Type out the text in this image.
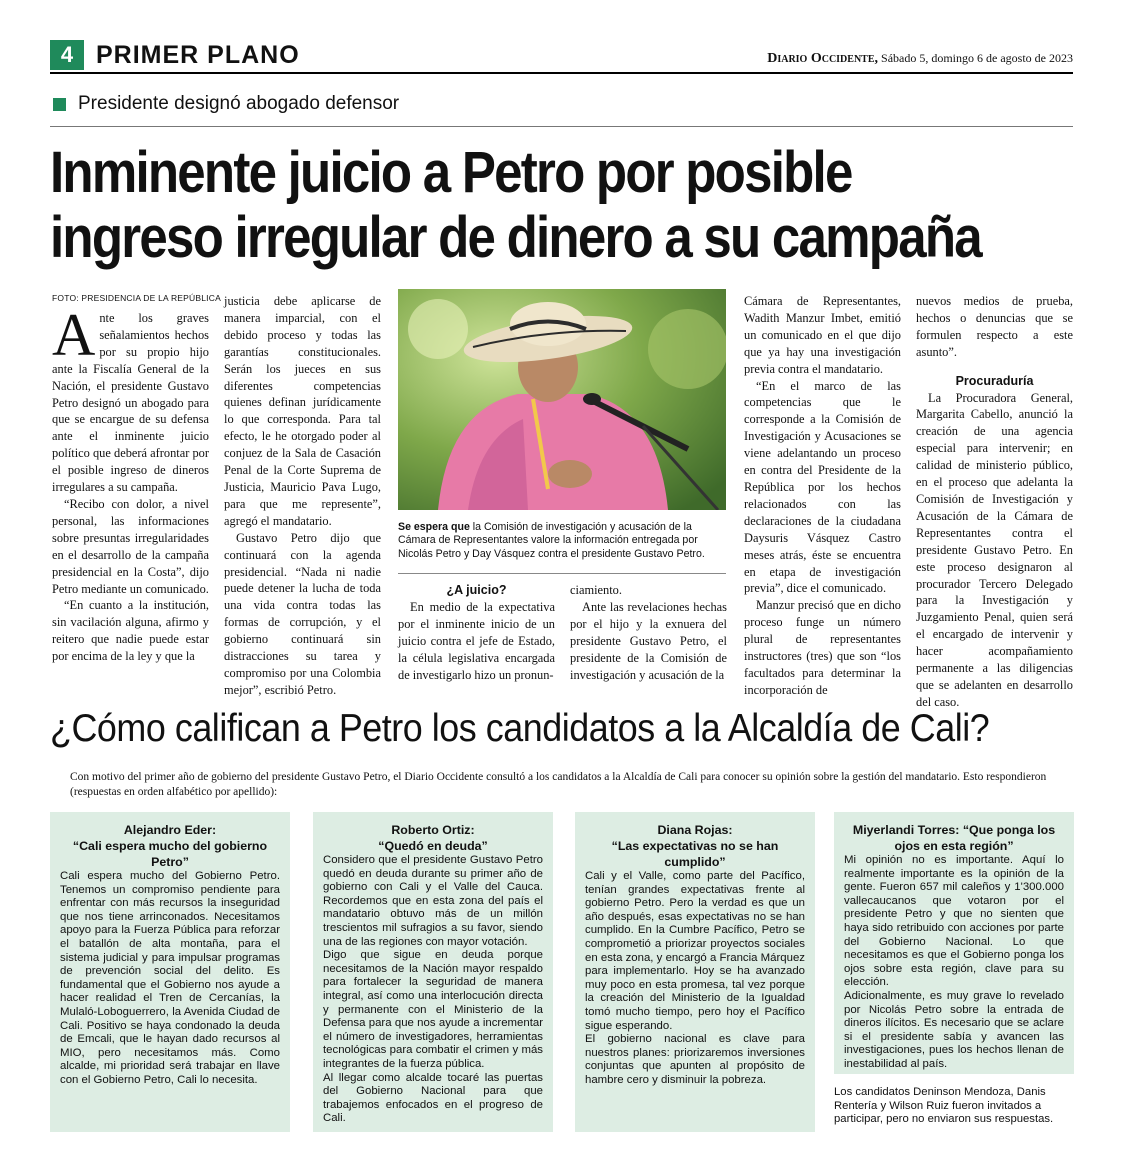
4 PRIMER PLANO	Diario Occidente, Sábado 5, domingo 6 de agosto de 2023
Presidente designó abogado defensor
Inminente juicio a Petro por posible
ingreso irregular de dinero a su campaña
FOTO: PRESIDENCIA DE LA REPÚBLICA

Ante los graves señalamientos hechos por su propio hijo ante la Fiscalía General de la Nación, el presidente Gustavo Petro designó un abogado para que se encargue de su defensa ante el inminente juicio político que deberá afrontar por el posible ingreso de dineros irregulares a su campaña.

“Recibo con dolor, a nivel personal, las informaciones sobre presuntas irregularidades en el desarrollo de la campaña presidencial en la Costa”, dijo Petro mediante un comunicado.

“En cuanto a la institución, sin vacilación alguna, afirmo y reitero que nadie puede estar por encima de la ley y que la

justicia debe aplicarse de manera imparcial, con el debido proceso y todas las garantías constitucionales. Serán los jueces en sus diferentes competencias quienes definan jurídicamente lo que corresponda. Para tal efecto, le he otorgado poder al conjuez de la Sala de Casación Penal de la Corte Suprema de Justicia, Mauricio Pava Lugo, para que me represente”, agregó el mandatario.

Gustavo Petro dijo que continuará con la agenda presidencial. “Nada ni nadie puede detener la lucha de toda una vida contra todas las formas de corrupción, y el gobierno continuará sin distracciones su tarea y compromiso por una Colombia mejor”, escribió Petro.

Se espera que la Comisión de investigación y acusación de la Cámara de Representantes valore la información entregada por Nicolás Petro y Day Vásquez contra el presidente Gustavo Petro.

¿A juicio?

En medio de la expectativa por el inminente inicio de un juicio contra el jefe de Estado, la célula legislativa encargada de investigarlo hizo un pronun-

ciamiento.

Ante las revelaciones hechas por el hijo y la exnuera del presidente Gustavo Petro, el presidente de la Comisión de investigación y acusación de la

Cámara de Representantes, Wadith Manzur Imbet, emitió un comunicado en el que dijo que ya hay una investigación previa contra el mandatario.

“En el marco de las competencias que le corresponde a la Comisión de Investigación y Acusaciones se viene adelantando un proceso en contra del Presidente de la República por los hechos relacionados con las declaraciones de la ciudadana Daysuris Vásquez Castro meses atrás, éste se encuentra en etapa de investigación previa”, dice el comunicado.

Manzur precisó que en dicho proceso funge un número plural de representantes instructores (tres) que son “los facultados para determinar la incorporación de

nuevos medios de prueba, hechos o denuncias que se formulen respecto a este asunto”.

Procuraduría

La Procuradora General, Margarita Cabello, anunció la creación de una agencia especial para intervenir; en calidad de ministerio público, en el proceso que adelanta la Comisión de Investigación y Acusación de la Cámara de Representantes contra el presidente Gustavo Petro. En este proceso designaron al procurador Tercero Delegado para la Investigación y Juzgamiento Penal, quien será el encargado de intervenir y hacer acompañamiento permanente a las diligencias que se adelanten en desarrollo del caso.

¿Cómo califican a Petro los candidatos a la Alcaldía de Cali?
Con motivo del primer año de gobierno del presidente Gustavo Petro, el Diario Occidente consultó a los candidatos a la Alcaldía de Cali para conocer su opinión sobre la gestión del mandatario. Esto respondieron (respuestas en orden alfabético por apellido):
Alejandro Eder:
“Cali espera mucho del gobierno Petro”

Cali espera mucho del Gobierno Petro. Tenemos un compromiso pendiente para enfrentar con más recursos la inseguridad que nos tiene arrinconados. Necesitamos apoyo para la Fuerza Pública para reforzar el batallón de alta montaña, para el sistema judicial y para impulsar programas de prevención social del delito. Es fundamental que el Gobierno nos ayude a hacer realidad el Tren de Cercanías, la Mulaló-Loboguerrero, la Avenida Ciudad de Cali. Positivo se haya condonado la deuda de Emcali, que le hayan dado recursos al MIO, pero necesitamos más. Como alcalde, mi prioridad será trabajar en llave con el Gobierno Petro, Cali lo necesita.

Roberto Ortiz:
“Quedó en deuda”

Considero que el presidente Gustavo Petro quedó en deuda durante su primer año de gobierno con Cali y el Valle del Cauca. Recordemos que en esta zona del país el mandatario obtuvo más de un millón trescientos mil sufragios a su favor, siendo una de las regiones con mayor votación.

Digo que sigue en deuda porque necesitamos de la Nación mayor respaldo para fortalecer la seguridad de manera integral, así como una interlocución directa y permanente con el Ministerio de la Defensa para que nos ayude a incrementar el número de investigadores, herramientas tecnológicas para combatir el crimen y más integrantes de la fuerza pública.

Al llegar como alcalde tocaré las puertas del Gobierno Nacional para que trabajemos enfocados en el progreso de Cali.

Diana Rojas:
“Las expectativas no se han cumplido”

Cali y el Valle, como parte del Pacífico, tenían grandes expectativas frente al gobierno Petro. Pero la verdad es que un año después, esas expectativas no se han cumplido. En la Cumbre Pacífico, Petro se comprometió a priorizar proyectos sociales en esta zona, y encargó a Francia Márquez para implementarlo. Hoy se ha avanzado muy poco en esta promesa, tal vez porque la creación del Ministerio de la Igualdad tomó mucho tiempo, pero hoy el Pacífico sigue esperando.

El gobierno nacional es clave para nuestros planes: priorizaremos inversiones conjuntas que apunten al propósito de hambre cero y disminuir la pobreza.

Miyerlandi Torres: “Que ponga los ojos en esta región”

Mi opinión no es importante. Aquí lo realmente importante es la opinión de la gente. Fueron 657 mil caleños y 1'300.000 vallecaucanos que votaron por el presidente Petro y que no sienten que haya sido retribuido con acciones por parte del Gobierno Nacional. Lo que necesitamos es que el Gobierno ponga los ojos sobre esta región, clave para su elección.

Adicionalmente, es muy grave lo revelado por Nicolás Petro sobre la entrada de dineros ilícitos. Es necesario que se aclare si el presidente sabía y avancen las investigaciones, pues los hechos llenan de inestabilidad al país.

Los candidatos Deninson Mendoza, Danis Rentería y Wilson Ruiz fueron invitados a participar, pero no enviaron sus respuestas.
